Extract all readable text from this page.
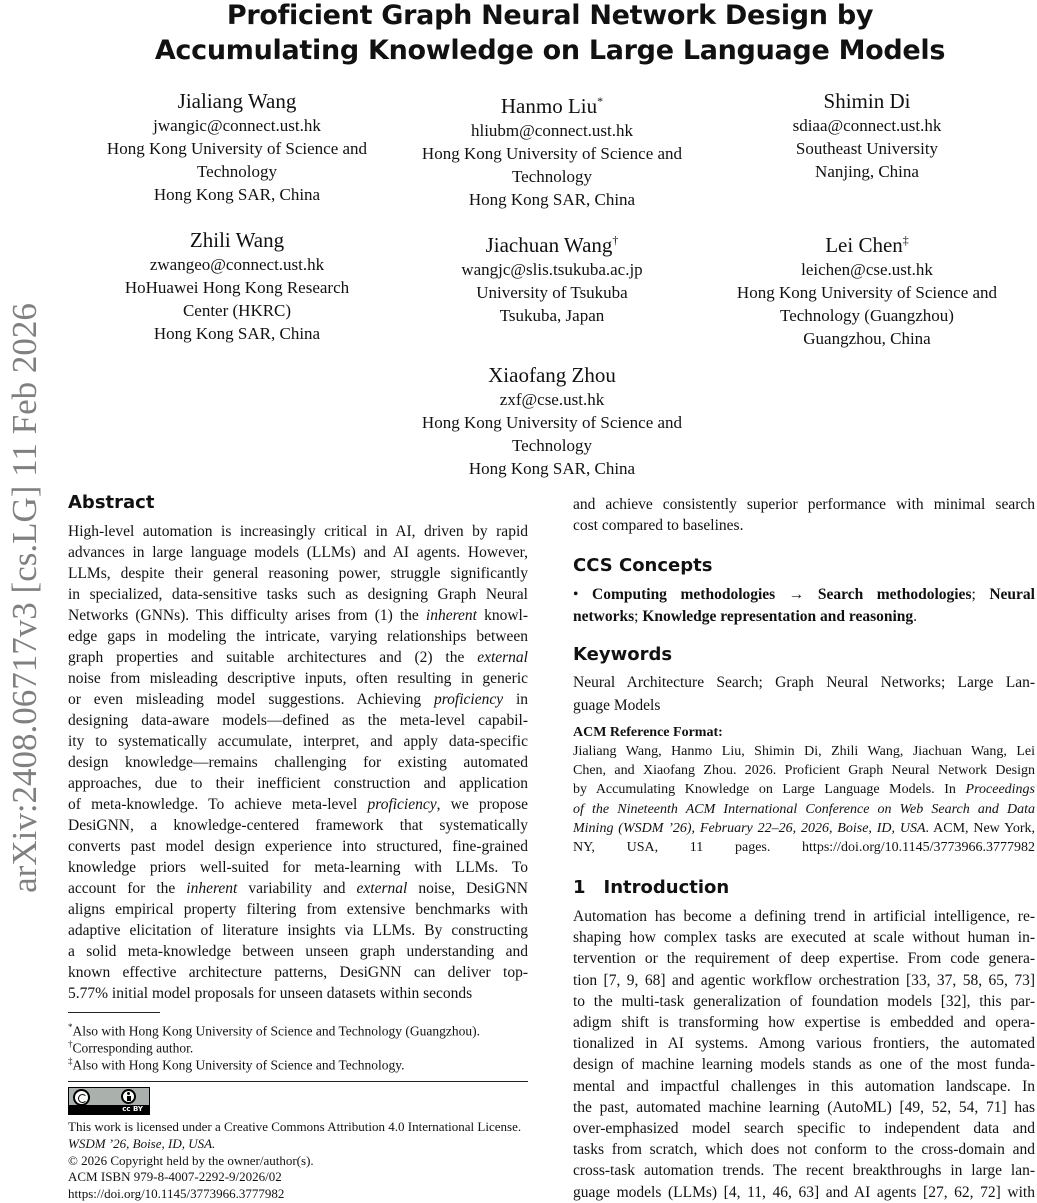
arXiv:2408.06717v3 [cs.LG] 11 Feb 2026
Proficient Graph Neural Network Design by
Accumulating Knowledge on Large Language Models
Jialiang Wang
jwangic@connect.ust.hk
Hong Kong University of Science and
Technology
Hong Kong SAR, China
Hanmo Liu*
hliubm@connect.ust.hk
Hong Kong University of Science and
Technology
Hong Kong SAR, China
Shimin Di
sdiaa@connect.ust.hk
Southeast University
Nanjing, China
Zhili Wang
zwangeo@connect.ust.hk
HoHuawei Hong Kong Research
Center (HKRC)
Hong Kong SAR, China
Jiachuan Wang†
wangjc@slis.tsukuba.ac.jp
University of Tsukuba
Tsukuba, Japan
Lei Chen‡
leichen@cse.ust.hk
Hong Kong University of Science and
Technology (Guangzhou)
Guangzhou, China
Xiaofang Zhou
zxf@cse.ust.hk
Hong Kong University of Science and
Technology
Hong Kong SAR, China
Abstract
High-level automation is increasingly critical in AI, driven by rapid
advances in large language models (LLMs) and AI agents. However,
LLMs, despite their general reasoning power, struggle significantly
in specialized, data-sensitive tasks such as designing Graph Neural
Networks (GNNs). This difficulty arises from (1) the inherent knowl-
edge gaps in modeling the intricate, varying relationships between
graph properties and suitable architectures and (2) the external
noise from misleading descriptive inputs, often resulting in generic
or even misleading model suggestions. Achieving proficiency in
designing data-aware models—defined as the meta-level capabil-
ity to systematically accumulate, interpret, and apply data-specific
design knowledge—remains challenging for existing automated
approaches, due to their inefficient construction and application
of meta-knowledge. To achieve meta-level proficiency, we propose
DesiGNN, a knowledge-centered framework that systematically
converts past model design experience into structured, fine-grained
knowledge priors well-suited for meta-learning with LLMs. To
account for the inherent variability and external noise, DesiGNN
aligns empirical property filtering from extensive benchmarks with
adaptive elicitation of literature insights via LLMs. By constructing
a solid meta-knowledge between unseen graph understanding and
known effective architecture patterns, DesiGNN can deliver top-
5.77% initial model proposals for unseen datasets within seconds
*Also with Hong Kong University of Science and Technology (Guangzhou).
†Corresponding author.
‡Also with Hong Kong University of Science and Technology.
cc BY
This work is licensed under a Creative Commons Attribution 4.0 International License.
WSDM ’26, Boise, ID, USA.
© 2026 Copyright held by the owner/author(s).
ACM ISBN 979-8-4007-2292-9/2026/02
https://doi.org/10.1145/3773966.3777982
and achieve consistently superior performance with minimal search
cost compared to baselines.
CCS Concepts
• Computing methodologies → Search methodologies; Neural
networks; Knowledge representation and reasoning.
Keywords
Neural Architecture Search; Graph Neural Networks; Large Lan-
guage Models
ACM Reference Format:
Jialiang Wang, Hanmo Liu, Shimin Di, Zhili Wang, Jiachuan Wang, Lei
Chen, and Xiaofang Zhou. 2026. Proficient Graph Neural Network Design
by Accumulating Knowledge on Large Language Models. In Proceedings
of the Nineteenth ACM International Conference on Web Search and Data
Mining (WSDM ’26), February 22–26, 2026, Boise, ID, USA. ACM, New York,
NY, USA, 11 pages. https://doi.org/10.1145/3773966.3777982
1 Introduction
Automation has become a defining trend in artificial intelligence, re-
shaping how complex tasks are executed at scale without human in-
tervention or the requirement of deep expertise. From code genera-
tion [7, 9, 68] and agentic workflow orchestration [33, 37, 58, 65, 73]
to the multi-task generalization of foundation models [32], this par-
adigm shift is transforming how expertise is embedded and opera-
tionalized in AI systems. Among various frontiers, the automated
design of machine learning models stands as one of the most funda-
mental and impactful challenges in this automation landscape. In
the past, automated machine learning (AutoML) [49, 52, 54, 71] has
over-emphasized model search specific to independent data and
tasks from scratch, which does not conform to the cross-domain and
cross-task automation trends. The recent breakthroughs in large lan-
guage models (LLMs) [4, 11, 46, 63] and AI agents [27, 62, 72] with
